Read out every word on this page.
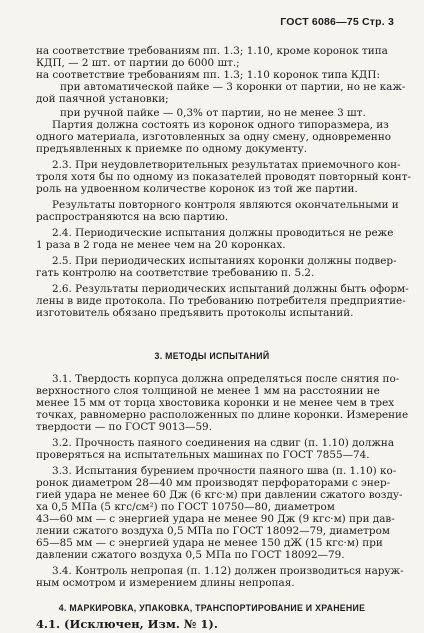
ГОСТ 6086—75 Стр. 3
на соответствие требованиям пп. 1.3; 1.10, кроме коронок типа
КДП, — 2 шт. от партии до 6000 шт.;
на соответствие требованиям пп. 1.3; 1.10 коронок типа КДП:
при автоматической пайке — 3 коронки от партии, но не каж-
дой паячной установки;
при ручной пайке — 0,3% от партии, но не менее 3 шт.
Партия должна состоять из коронок одного типоразмера, из
одного материала, изготовленных за одну смену, одновременно
предъявленных к приемке по одному документу.
2.3. При неудовлетворительных результатах приемочного кон-
троля хотя бы по одному из показателей проводят повторный конт-
роль на удвоенном количестве коронок из той же партии.
Результаты повторного контроля являются окончательными и
распространяются на всю партию.
2.4. Периодические испытания должны проводиться не реже
1 раза в 2 года не менее чем на 20 коронках.
2.5. При периодических испытаниях коронки должны подвер-
гать контролю на соответствие требованию п. 5.2.
2.6. Результаты периодических испытаний должны быть оформ-
лены в виде протокола. По требованию потребителя предприятие-
изготовитель обязано предъявить протоколы испытаний.
3. МЕТОДЫ ИСПЫТАНИЙ
3.1. Твердость корпуса должна определяться после снятия по-
верхностного слоя толщиной не менее 1 мм на расстоянии не
менее 15 мм от торца хвостовика коронки и не менее чем в трех
точках, равномерно расположенных по длине коронки. Измерение
твердости — по ГОСТ 9013—59.
3.2. Прочность паяного соединения на сдвиг (п. 1.10) должна
проверяться на испытательных машинах по ГОСТ 7855—74.
3.3. Испытания бурением прочности паяного шва (п. 1.10) ко-
ронок диаметром 28—40 мм производят перфораторами с энер-
гией удара не менее 60 Дж (6 кгс·м) при давлении сжатого возду-
ха 0,5 МПа (5 кгс/см²) по ГОСТ 10750—80, диаметром
43—60 мм — с энергией удара не менее 90 Дж (9 кгс·м) при дав-
лении сжатого воздуха 0,5 МПа по ГОСТ 18092—79, диаметром
65—85 мм — с энергией удара не менее 150 дЖ (15 кгс·м) при
давлении сжатого воздуха 0,5 МПа по ГОСТ 18092—79.
3.4. Контроль непропая (п. 1.12) должен производиться наруж-
ным осмотром и измерением длины непропая.
4. МАРКИРОВКА, УПАКОВКА, ТРАНСПОРТИРОВАНИЕ И ХРАНЕНИЕ
4.1. (Исключен, Изм. № 1).
